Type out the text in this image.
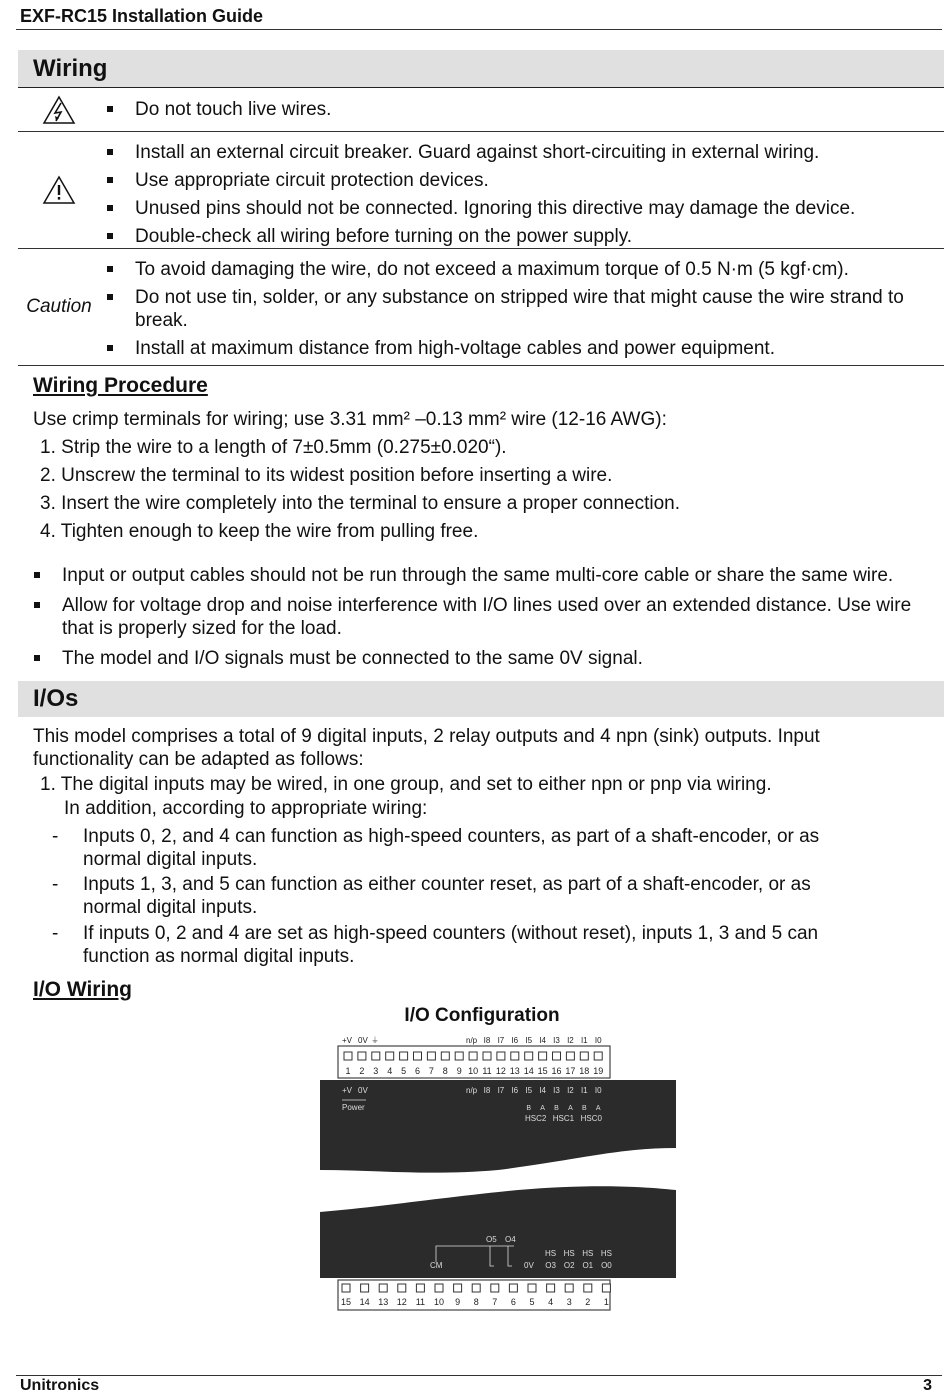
EXF-RC15 Installation Guide
Wiring
Do not touch live wires.
Install an external circuit breaker. Guard against short-circuiting in external wiring.
Use appropriate circuit protection devices.
Unused pins should not be connected. Ignoring this directive may damage the device.
Double-check all wiring before turning on the power supply.
Caution
To avoid damaging the wire, do not exceed a maximum torque of 0.5 N·m (5 kgf·cm).
Do not use tin, solder, or any substance on stripped wire that might cause the wire strand to break.
Install at maximum distance from high-voltage cables and power equipment.
Wiring Procedure
Use crimp terminals for wiring; use 3.31 mm² –0.13 mm² wire (12-16 AWG):
1. Strip the wire to a length of 7±0.5mm (0.275±0.020“).
2. Unscrew the terminal to its widest position before inserting a wire.
3. Insert the wire completely into the terminal to ensure a proper connection.
4. Tighten enough to keep the wire from pulling free.
Input or output cables should not be run through the same multi-core cable or share the same wire.
Allow for voltage drop and noise interference with I/O lines used over an extended distance. Use wire that is properly sized for the load.
The model and I/O signals must be connected to the same 0V signal.
I/Os
This model comprises a total of 9 digital inputs, 2 relay outputs and 4 npn (sink) outputs. Input functionality can be adapted as follows:
1. The digital inputs may be wired, in one group, and set to either npn or pnp via wiring.
In addition, according to appropriate wiring:
-	Inputs 0, 2, and 4 can function as high-speed counters, as part of a shaft-encoder, or as normal digital inputs.
-	Inputs 1, 3, and 5 can function as either counter reset, as part of a shaft-encoder, or as normal digital inputs.
-	If inputs 0, 2 and 4 are set as high-speed counters (without reset), inputs 1, 3 and 5 can function as normal digital inputs.
I/O Wiring
I/O Configuration
+V 0V ⏚	n/p I8 I7 I6 I5 I4 I3 I2 I1 I0
1 2 3 4 5 6 7 8 9 10 11 12 13 14 15 16 17 18 19
+V 0V
Power
n/p I8 I7 I6 I5 I4 I3 I2 I1 I0
B A B A B A
HSC2 HSC1 HSC0
O5 O4
CM	0V
HS HS HS HS
O3 O2 O1 O0
15 14 13 12 11 10 9 8 7 6 5 4 3 2 1
Unitronics	3
